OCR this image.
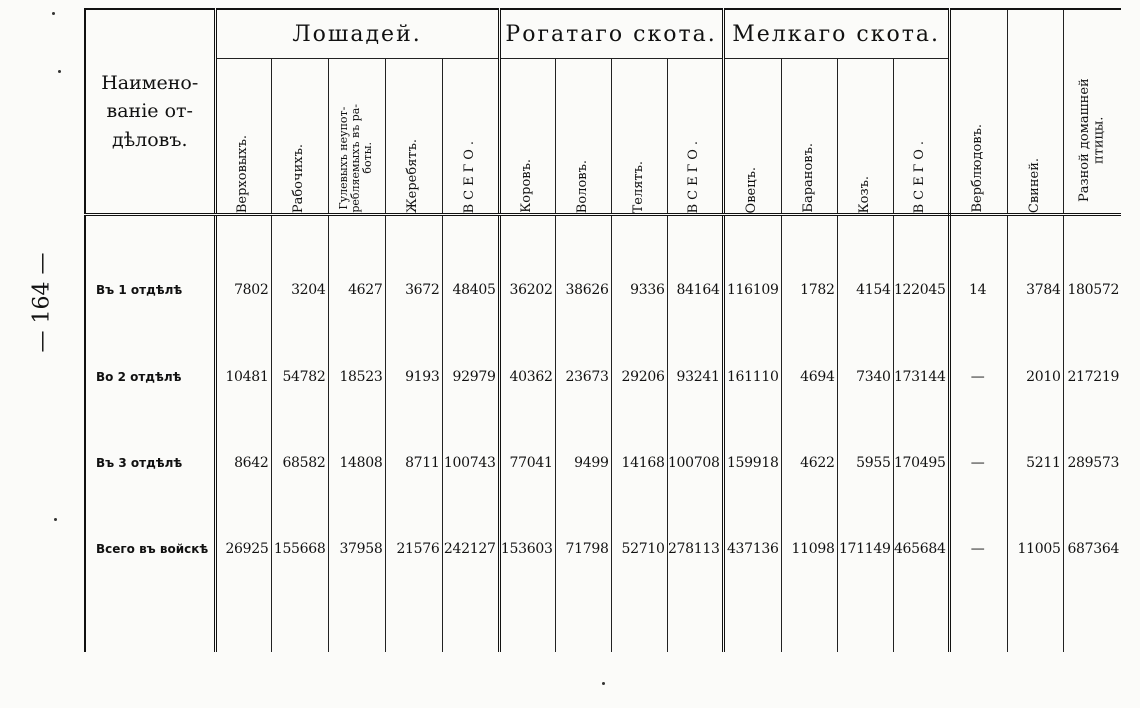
— 164 —
Наимено-
ваніе от-
дѣловъ.	Лошадей.					Рогатаго скота.				Мелкаго скота.				Верблюдовъ.	Свиней.	Разной домашней птицы.

	Верховыхъ.	Рабочихъ.	Гулевыхъ неупот-
ребляемыхъ въ ра-
боты.	Жеребятъ.	ВСЕГО.	Коровъ.	Воловъ.	Телятъ.	ВСЕГО.	Овецъ.	Барановъ.	Козъ.	ВСЕГО.			

Въ 1 отдѣлѣ	7802	3204	4627	3672	48405	36202	38626	9336	84164	116109	1782	4154	122045	14	3784	180572
Во 2 отдѣлѣ	10481	54782	18523	9193	92979	40362	23673	29206	93241	161110	4694	7340	173144	—	2010	217219
Въ 3 отдѣлѣ	8642	68582	14808	8711	100743	77041	9499	14168	100708	159918	4622	5955	170495	—	5211	289573
Всего въ войскѣ	26925	155668	37958	21576	242127	153603	71798	52710	278113	437136	11098	171149	465684	—	11005	687364
